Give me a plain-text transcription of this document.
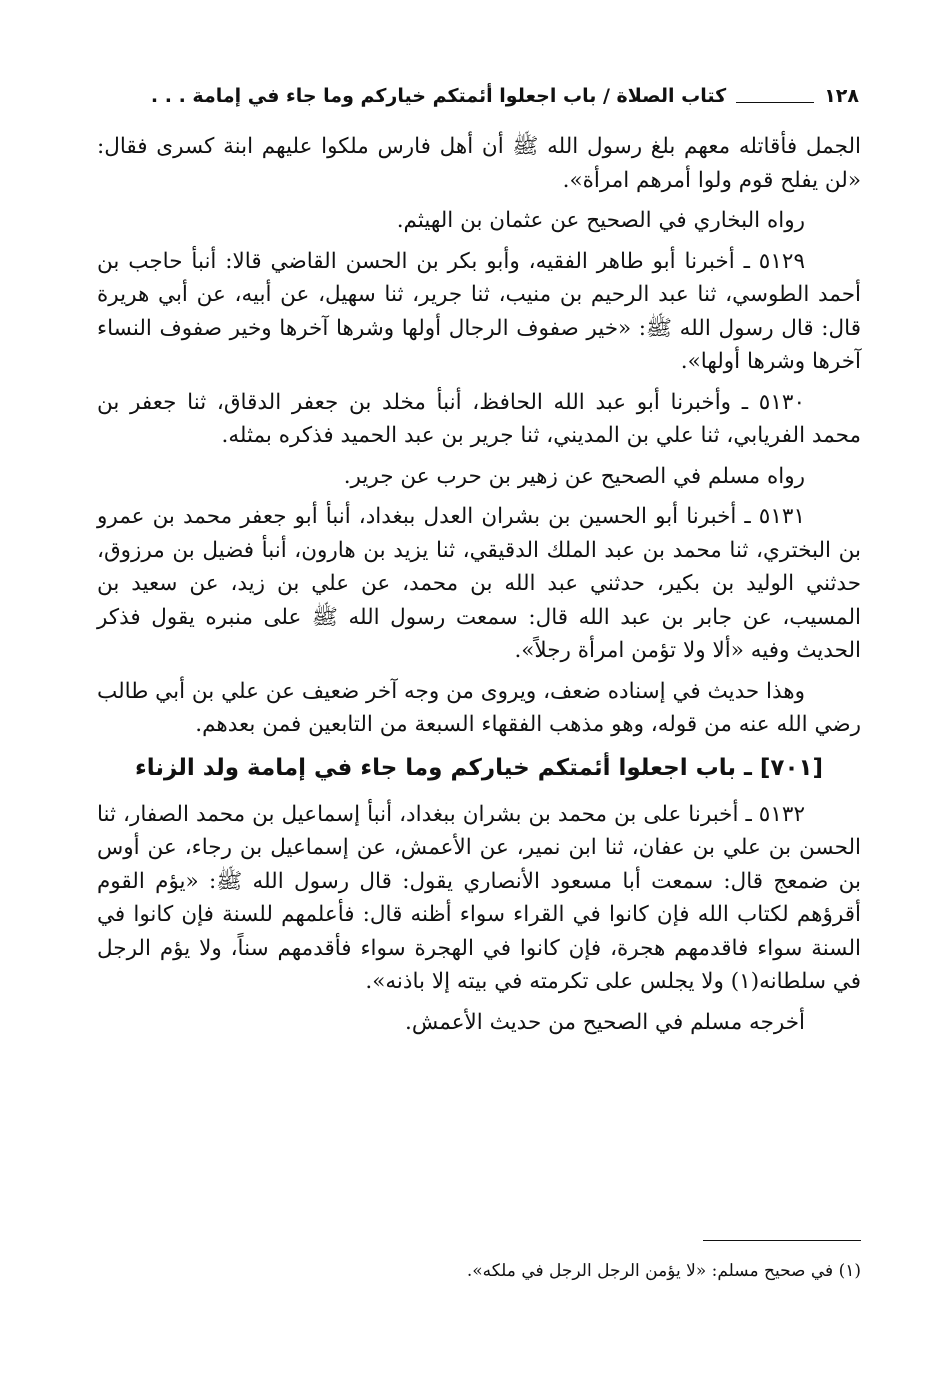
١٢٨
كتاب الصلاة / باب اجعلوا أئمتكم خياركم وما جاء في إمامة . . .

الجمل فأقاتله معهم بلغ رسول الله ﷺ أن أهل فارس ملكوا عليهم ابنة كسرى فقال: «لن يفلح قوم ولوا أمرهم امرأة».

رواه البخاري في الصحيح عن عثمان بن الهيثم.

٥١٢٩ ـ أخبرنا أبو طاهر الفقيه، وأبو بكر بن الحسن القاضي قالا: أنبأ حاجب بن أحمد الطوسي، ثنا عبد الرحيم بن منيب، ثنا جرير، ثنا سهيل، عن أبيه، عن أبي هريرة قال: قال رسول الله ﷺ: «خير صفوف الرجال أولها وشرها آخرها وخير صفوف النساء آخرها وشرها أولها».

٥١٣٠ ـ وأخبرنا أبو عبد الله الحافظ، أنبأ مخلد بن جعفر الدقاق، ثنا جعفر بن محمد الفريابي، ثنا علي بن المديني، ثنا جرير بن عبد الحميد فذكره بمثله.

رواه مسلم في الصحيح عن زهير بن حرب عن جرير.

٥١٣١ ـ أخبرنا أبو الحسين بن بشران العدل ببغداد، أنبأ أبو جعفر محمد بن عمرو بن البختري، ثنا محمد بن عبد الملك الدقيقي، ثنا يزيد بن هارون، أنبأ فضيل بن مرزوق، حدثني الوليد بن بكير، حدثني عبد الله بن محمد، عن علي بن زيد، عن سعيد بن المسيب، عن جابر بن عبد الله قال: سمعت رسول الله ﷺ على منبره يقول فذكر الحديث وفيه «ألا ولا تؤمن امرأة رجلاً».

وهذا حديث في إسناده ضعف، ويروى من وجه آخر ضعيف عن علي بن أبي طالب رضي الله عنه من قوله، وهو مذهب الفقهاء السبعة من التابعين فمن بعدهم.

[٧٠١] ـ باب اجعلوا أئمتكم خياركم وما جاء في إمامة ولد الزناء

٥١٣٢ ـ أخبرنا على بن محمد بن بشران ببغداد، أنبأ إسماعيل بن محمد الصفار، ثنا الحسن بن علي بن عفان، ثنا ابن نمير، عن الأعمش، عن إسماعيل بن رجاء، عن أوس بن ضمعج قال: سمعت أبا مسعود الأنصاري يقول: قال رسول الله ﷺ: «يؤم القوم أقرؤهم لكتاب الله فإن كانوا في القراء سواء أظنه قال: فأعلمهم للسنة فإن كانوا في السنة سواء فاقدمهم هجرة، فإن كانوا في الهجرة سواء فأقدمهم سناً، ولا يؤم الرجل في سلطانه(١) ولا يجلس على تكرمته في بيته إلا باذنه».

أخرجه مسلم في الصحيح من حديث الأعمش.

(١) في صحيح مسلم: «لا يؤمن الرجل الرجل في ملكه».
